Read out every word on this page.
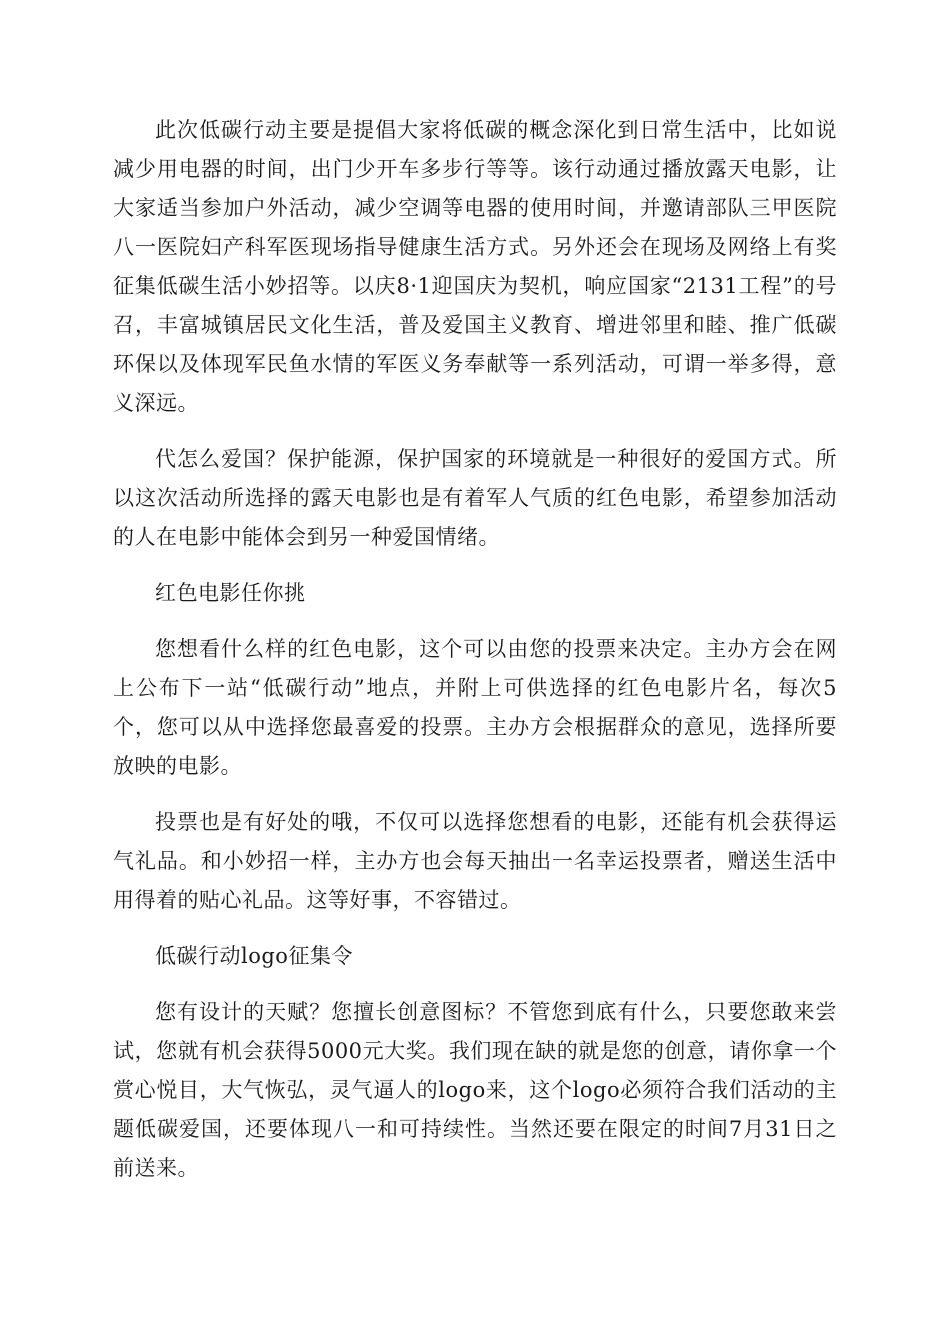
此次低碳行动主要是提倡大家将低碳的概念深化到日常生活中，比如说减少用电器的时间，出门少开车多步行等等。该行动通过播放露天电影，让大家适当参加户外活动，减少空调等电器的使用时间，并邀请部队三甲医院八一医院妇产科军医现场指导健康生活方式。另外还会在现场及网络上有奖征集低碳生活小妙招等。以庆8·1迎国庆为契机，响应国家“2131工程”的号召，丰富城镇居民文化生活，普及爱国主义教育、增进邻里和睦、推广低碳环保以及体现军民鱼水情的军医义务奉献等一系列活动，可谓一举多得，意义深远。

代怎么爱国？保护能源，保护国家的环境就是一种很好的爱国方式。所以这次活动所选择的露天电影也是有着军人气质的红色电影，希望参加活动的人在电影中能体会到另一种爱国情绪。

红色电影任你挑

您想看什么样的红色电影，这个可以由您的投票来决定。主办方会在网上公布下一站“低碳行动”地点，并附上可供选择的红色电影片名，每次5个，您可以从中选择您最喜爱的投票。主办方会根据群众的意见，选择所要放映的电影。

投票也是有好处的哦，不仅可以选择您想看的电影，还能有机会获得运气礼品。和小妙招一样，主办方也会每天抽出一名幸运投票者，赠送生活中用得着的贴心礼品。这等好事，不容错过。

低碳行动logo征集令

您有设计的天赋？您擅长创意图标？不管您到底有什么，只要您敢来尝试，您就有机会获得5000元大奖。我们现在缺的就是您的创意，请你拿一个赏心悦目，大气恢弘，灵气逼人的logo来，这个logo必须符合我们活动的主题低碳爱国，还要体现八一和可持续性。当然还要在限定的时间7月31日之前送来。
